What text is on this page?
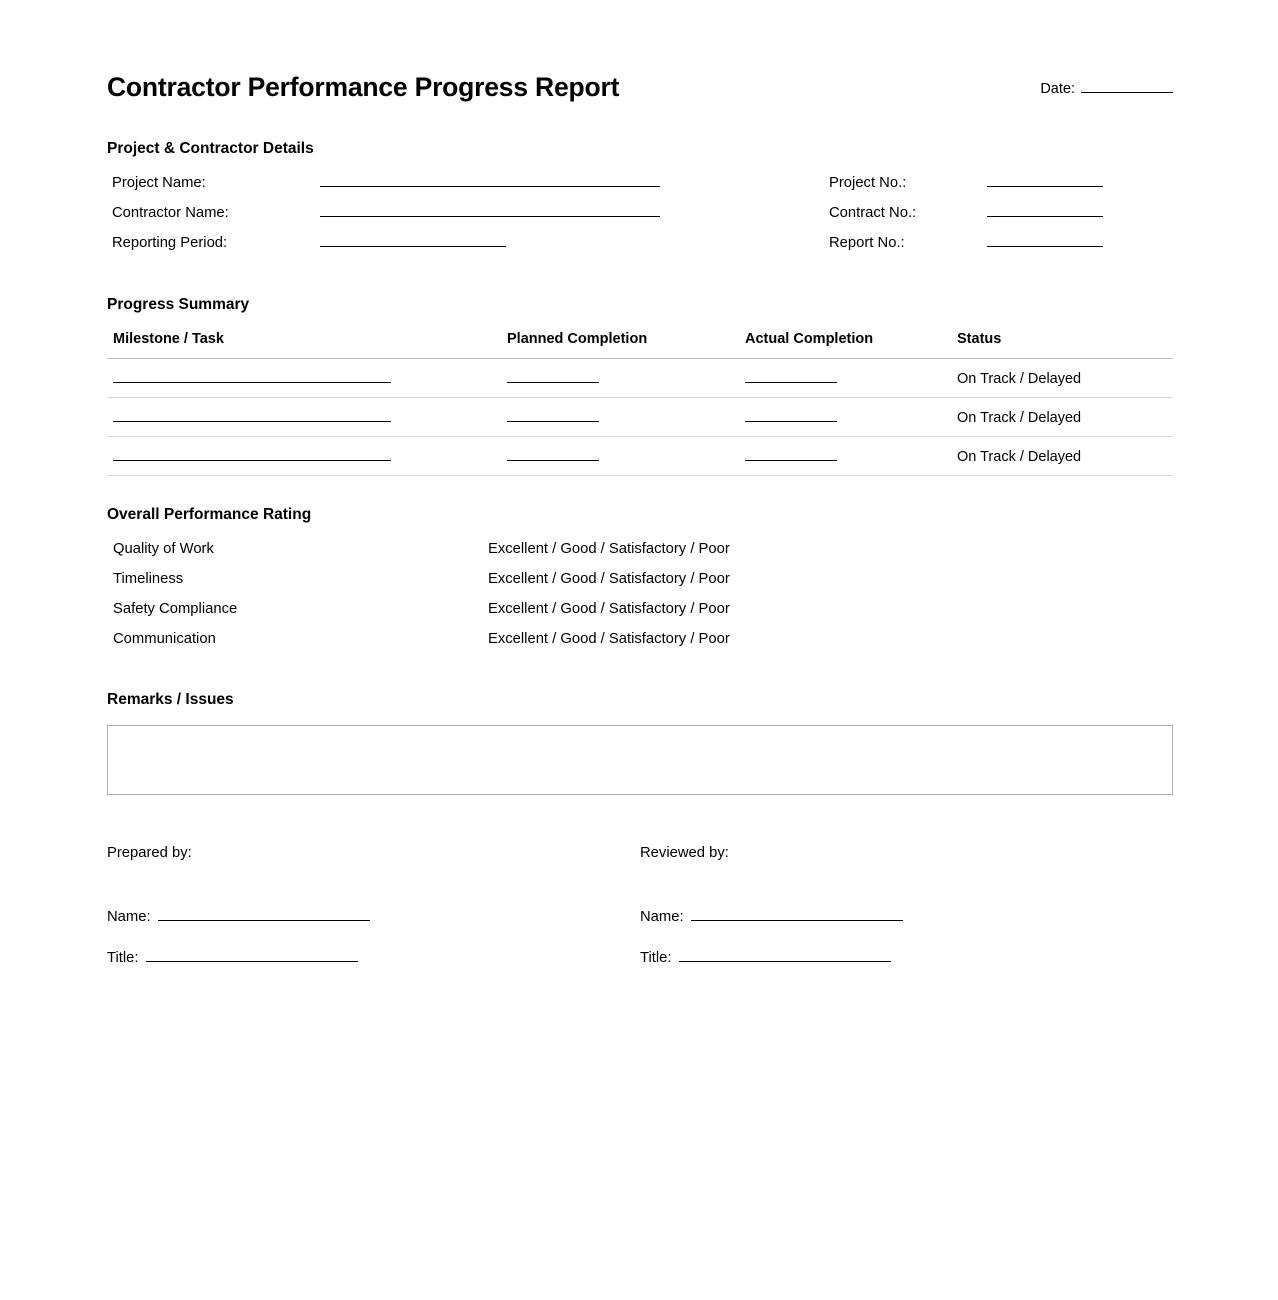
Contractor Performance Progress Report	Date:
Project & Contractor Details
Project Name:
Contractor Name:
Reporting Period:
Project No.:
Contract No.:
Report No.:
Progress Summary
Milestone / Task	Planned Completion	Actual Completion	Status
			On Track / Delayed
			On Track / Delayed
			On Track / Delayed
Overall Performance Rating
Quality of Work	Excellent / Good / Satisfactory / Poor
Timeliness	Excellent / Good / Satisfactory / Poor
Safety Compliance	Excellent / Good / Satisfactory / Poor
Communication	Excellent / Good / Satisfactory / Poor
Remarks / Issues
Prepared by:
Name:
Title:
Reviewed by:
Name:
Title:
